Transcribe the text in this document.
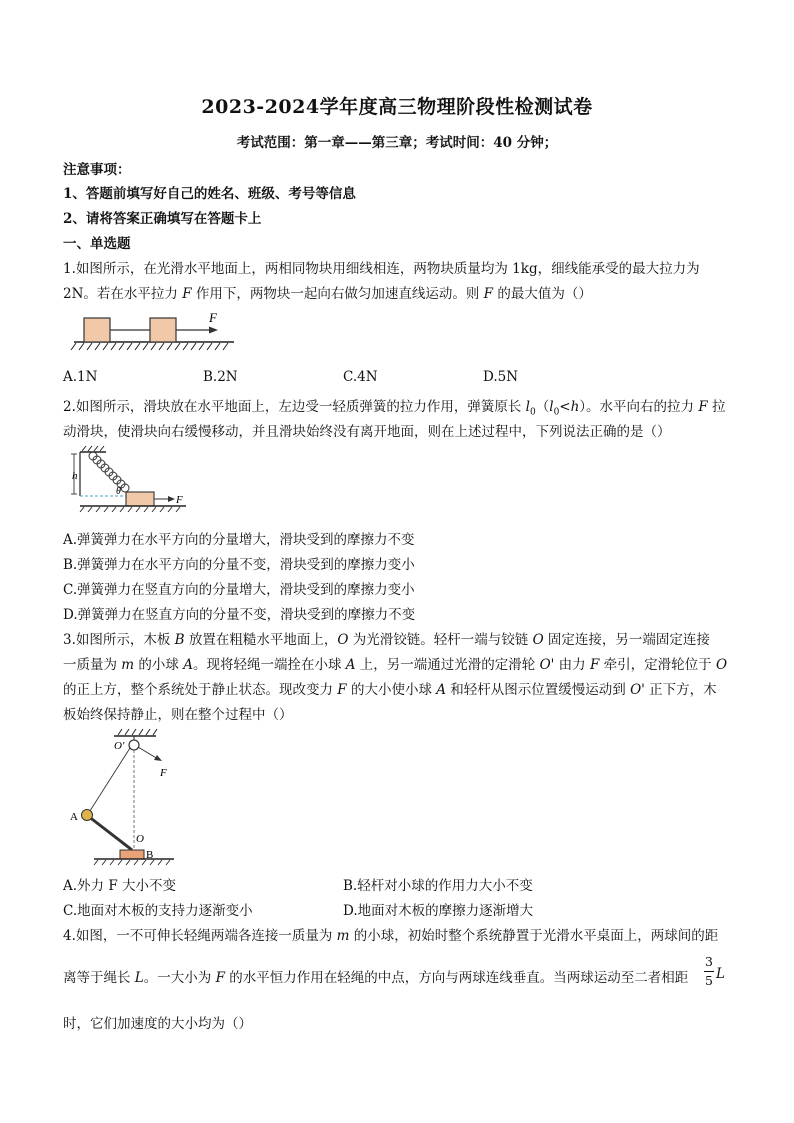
2023-2024学年度高三物理阶段性检测试卷
考试范围：第一章——第三章；考试时间：40 分钟；
注意事项：
1、答题前填写好自己的姓名、班级、考号等信息
2、请将答案正确填写在答题卡上
一、单选题
1.如图所示，在光滑水平地面上，两相同物块用细线相连，两物块质量均为 1kg，细线能承受的最大拉力为
2N。若在水平拉力 F 作用下，两物块一起向右做匀加速直线运动。则 F 的最大值为（）
F
A.1N	B.2N	C.4N	D.5N
2.如图所示，滑块放在水平地面上，左边受一轻质弹簧的拉力作用，弹簧原长 $l_0(l_0<h)$。水平向右的拉力 F 拉
动滑块，使滑块向右缓慢移动，并且滑块始终没有离开地面，则在上述过程中，下列说法正确的是（）
h
θ
F
A.弹簧弹力在水平方向的分量增大，滑块受到的摩擦力不变
B.弹簧弹力在水平方向的分量不变，滑块受到的摩擦力变小
C.弹簧弹力在竖直方向的分量增大，滑块受到的摩擦力变小
D.弹簧弹力在竖直方向的分量不变，滑块受到的摩擦力不变
3.如图所示，木板 B 放置在粗糙水平地面上，O 为光滑铰链。轻杆一端与铰链 O 固定连接，另一端固定连接
一质量为 m 的小球 A。现将轻绳一端拴在小球 A 上，另一端通过光滑的定滑轮 O' 由力 F 牵引，定滑轮位于 O
的正上方，整个系统处于静止状态。现改变力 F 的大小使小球 A 和轻杆从图示位置缓慢运动到 O' 正下方，木
板始终保持静止，则在整个过程中（）
O'
F
A
O
B
A.外力 F 大小不变	B.轻杆对小球的作用力大小不变
C.地面对木板的支持力逐渐变小	D.地面对木板的摩擦力逐渐增大
4.如图，一不可伸长轻绳两端各连接一质量为 m 的小球，初始时整个系统静置于光滑水平桌面上，两球间的距
离等于绳长 L。一大小为 F 的水平恒力作用在轻绳的中点，方向与两球连线垂直。当两球运动至二者相距
3
5 L
时，它们加速度的大小均为（）
